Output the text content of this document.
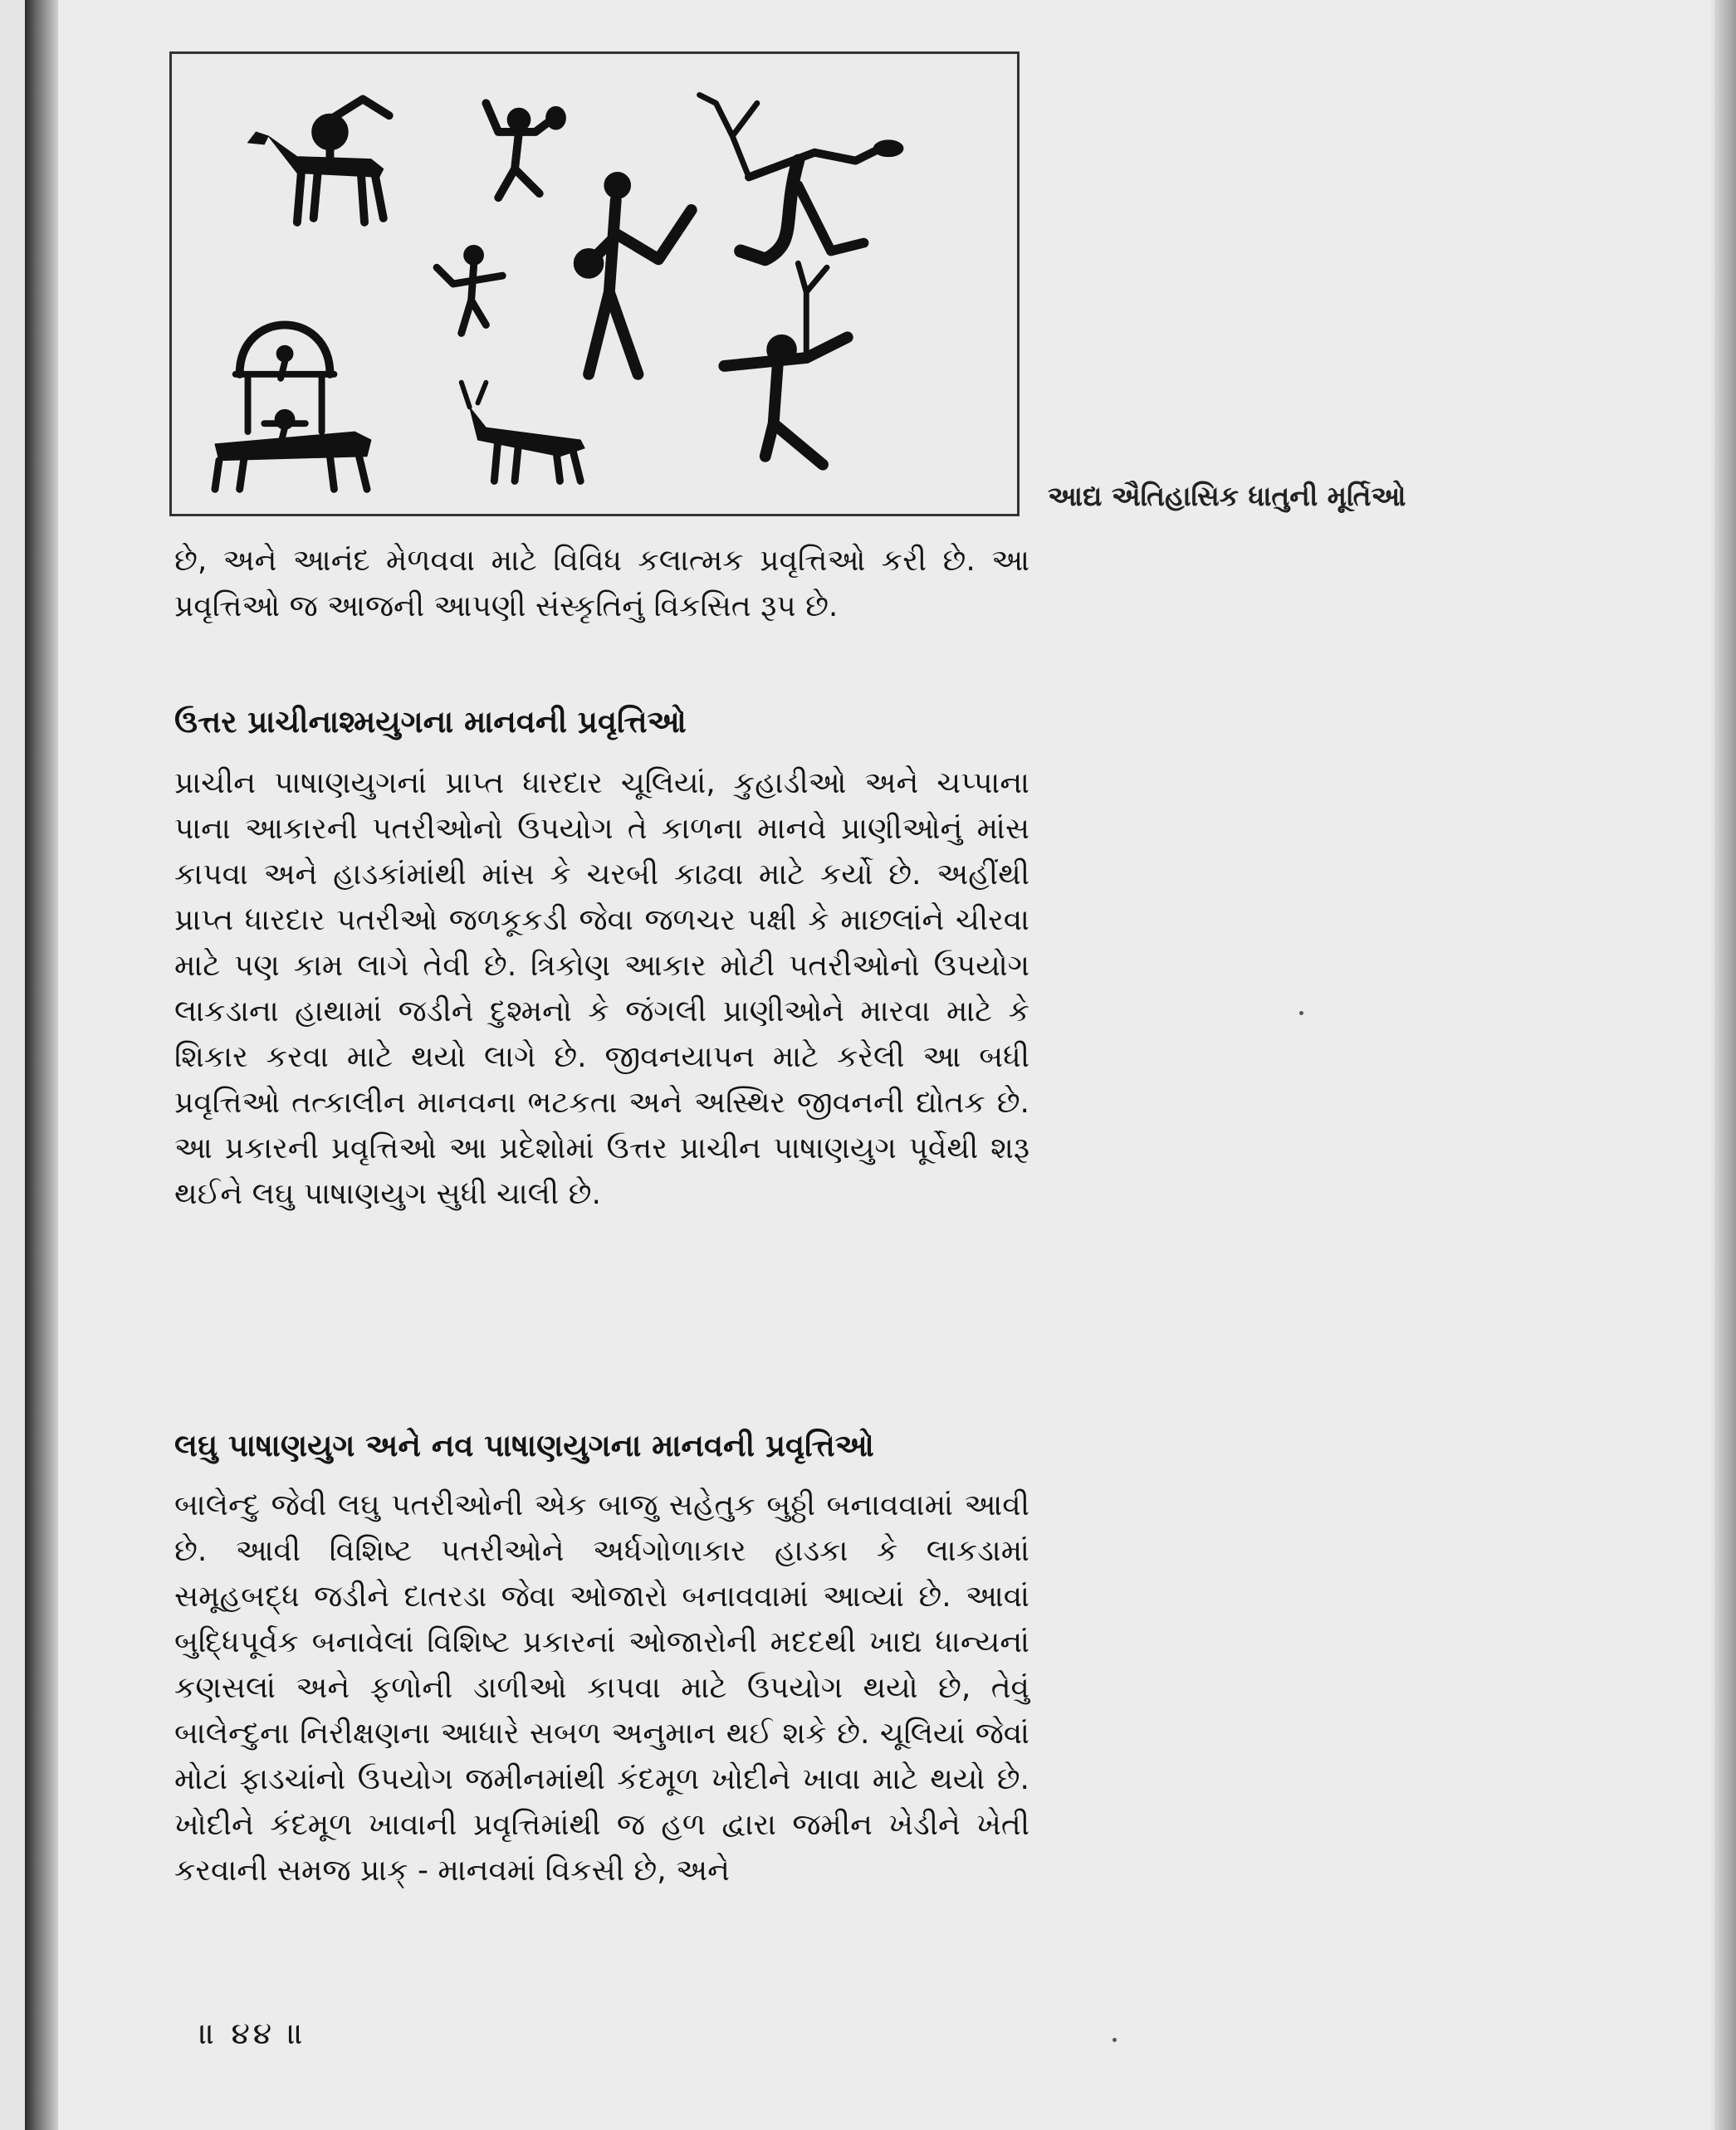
આદ્ય ઐતિહાસિક ધાતુની મૂર્તિઓ

છે, અને આનંદ મેળવવા માટે વિવિધ કલાત્મક પ્રવૃત્તિઓ કરી છે. આ પ્રવૃત્તિઓ જ આજની આપણી સંસ્કૃતિનું વિકસિત રૂપ છે.

ઉત્તર પ્રાચીનાશ્મયુગના માનવની પ્રવૃત્તિઓ

પ્રાચીન પાષાણયુગનાં પ્રાપ્ત ધારદાર ચૂલિયાં, કુહાડીઓ અને ચપ્પાના પાના આકારની પતરીઓનો ઉપયોગ તે કાળના માનવે પ્રાણીઓનું માંસ કાપવા અને હાડકાંમાંથી માંસ કે ચરબી કાઢવા માટે કર્યો છે. અહીંથી પ્રાપ્ત ધારદાર પતરીઓ જળકૂકડી જેવા જળચર પક્ષી કે માછલાંને ચીરવા માટે પણ કામ લાગે તેવી છે. ત્રિકોણ આકાર મોટી પતરીઓનો ઉપયોગ લાકડાના હાથામાં જડીને દુશ્મનો કે જંગલી પ્રાણીઓને મારવા માટે કે શિકાર કરવા માટે થયો લાગે છે. જીવનયાપન માટે કરેલી આ બધી પ્રવૃત્તિઓ તત્કાલીન માનવના ભટકતા અને અસ્થિર જીવનની દ્યોતક છે. આ પ્રકારની પ્રવૃત્તિઓ આ પ્રદેશોમાં ઉત્તર પ્રાચીન પાષાણયુગ પૂર્વેથી શરૂ થઈને લઘુ પાષાણયુગ સુધી ચાલી છે.

લઘુ પાષાણયુગ અને નવ પાષાણયુગના માનવની પ્રવૃત્તિઓ

બાલેન્દુ જેવી લઘુ પતરીઓની એક બાજુ સહેતુક બુઠ્ઠી બનાવવામાં આવી છે. આવી વિશિષ્ટ પતરીઓને અર્ધગોળાકાર હાડકા કે લાકડામાં સમૂહબદ્ધ જડીને દાતરડા જેવા ઓજારો બનાવવામાં આવ્યાં છે. આવાં બુદ્ધિપૂર્વક બનાવેલાં વિશિષ્ટ પ્રકારનાં ઓજારોની મદદથી ખાદ્ય ધાન્યનાં કણસલાં અને ફળોની ડાળીઓ કાપવા માટે ઉપયોગ થયો છે, તેવું બાલેન્દુના નિરીક્ષણના આધારે સબળ અનુમાન થઈ શકે છે. ચૂલિયાં જેવાં મોટાં ફાડચાંનો ઉપયોગ જમીનમાંથી કંદમૂળ ખોદીને ખાવા માટે થયો છે. ખોદીને કંદમૂળ ખાવાની પ્રવૃત્તિમાંથી જ હળ દ્વારા જમીન ખેડીને ખેતી કરવાની સમજ પ્રાક્ - માનવમાં વિકસી છે, અને

॥ ૪૪ ॥
